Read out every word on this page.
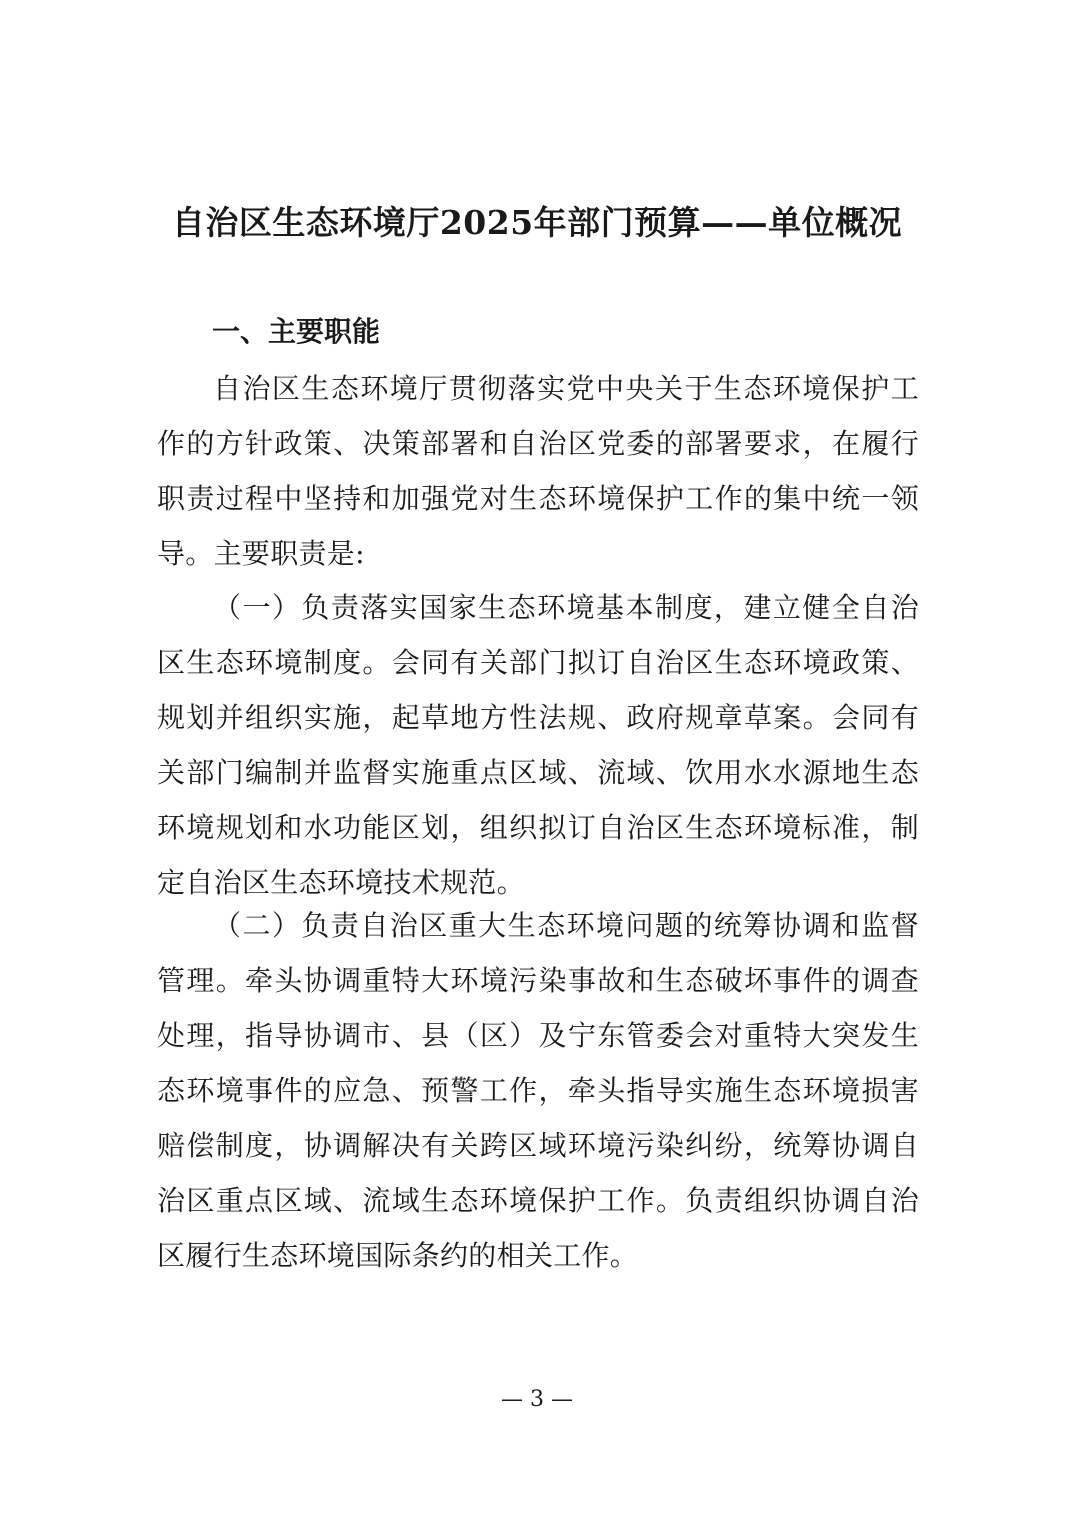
自治区生态环境厅2025年部门预算——单位概况
一、主要职能

自治区生态环境厅贯彻落实党中央关于生态环境保护工作的方针政策、决策部署和自治区党委的部署要求，在履行职责过程中坚持和加强党对生态环境保护工作的集中统一领导。主要职责是:

（一）负责落实国家生态环境基本制度，建立健全自治区生态环境制度。会同有关部门拟订自治区生态环境政策、规划并组织实施，起草地方性法规、政府规章草案。会同有关部门编制并监督实施重点区域、流域、饮用水水源地生态环境规划和水功能区划，组织拟订自治区生态环境标准，制定自治区生态环境技术规范。

（二）负责自治区重大生态环境问题的统筹协调和监督管理。牵头协调重特大环境污染事故和生态破坏事件的调查处理，指导协调市、县（区）及宁东管委会对重特大突发生态环境事件的应急、预警工作，牵头指导实施生态环境损害赔偿制度，协调解决有关跨区域环境污染纠纷，统筹协调自治区重点区域、流域生态环境保护工作。负责组织协调自治区履行生态环境国际条约的相关工作。

— 3 —
